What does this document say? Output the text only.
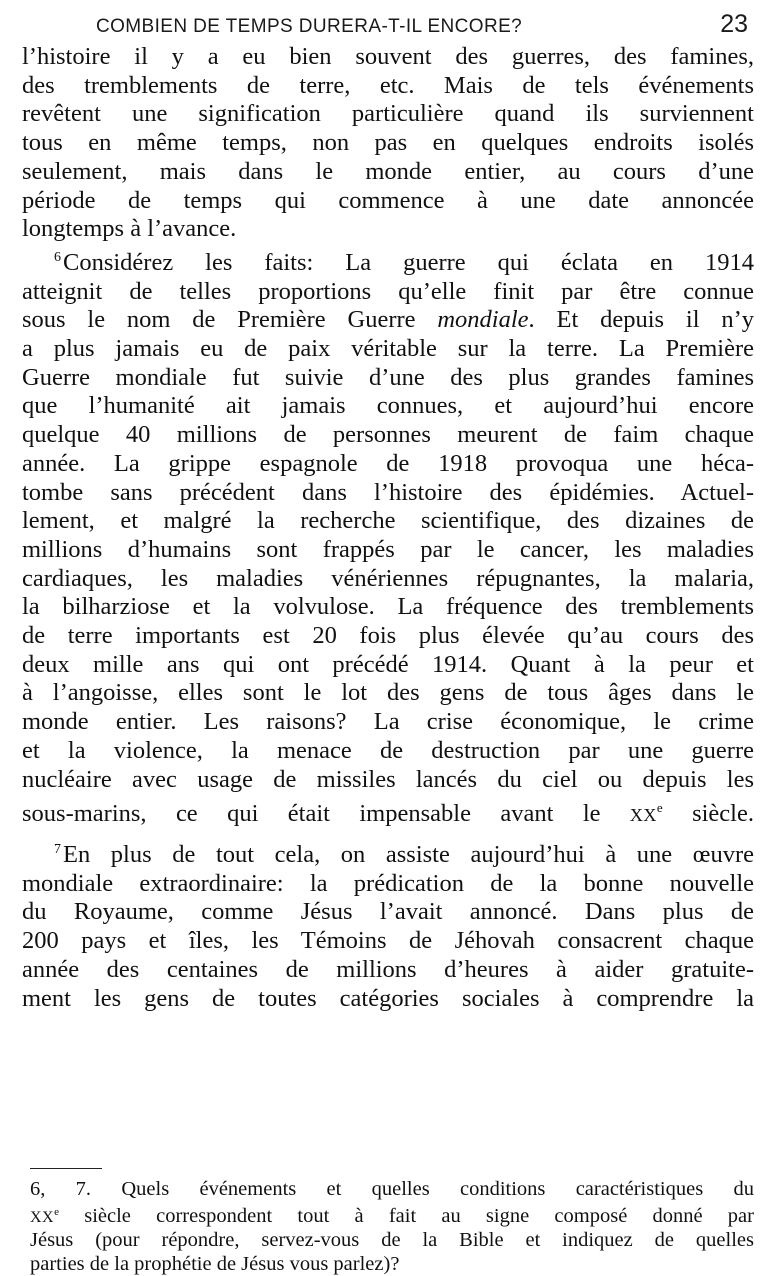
COMBIEN DE TEMPS DURERA-T-IL ENCORE?	23
l’histoire il y a eu bien souvent des guerres, des famines,
des tremblements de terre, etc. Mais de tels événements
revêtent une signification particulière quand ils surviennent
tous en même temps, non pas en quelques endroits isolés
seulement, mais dans le monde entier, au cours d’une
période de temps qui commence à une date annoncée
longtemps à l’avance.
$^6$Considérez les faits: La guerre qui éclata en 1914
atteignit de telles proportions qu’elle finit par être connue
sous le nom de Première Guerre mondiale. Et depuis il n’y
a plus jamais eu de paix véritable sur la terre. La Première
Guerre mondiale fut suivie d’une des plus grandes famines
que l’humanité ait jamais connues, et aujourd’hui encore
quelque 40 millions de personnes meurent de faim chaque
année. La grippe espagnole de 1918 provoqua une héca-
tombe sans précédent dans l’histoire des épidémies. Actuel-
lement, et malgré la recherche scientifique, des dizaines de
millions d’humains sont frappés par le cancer, les maladies
cardiaques, les maladies vénériennes répugnantes, la malaria,
la bilharziose et la volvulose. La fréquence des tremblements
de terre importants est 20 fois plus élevée qu’au cours des
deux mille ans qui ont précédé 1914. Quant à la peur et
à l’angoisse, elles sont le lot des gens de tous âges dans le
monde entier. Les raisons? La crise économique, le crime
et la violence, la menace de destruction par une guerre
nucléaire avec usage de missiles lancés du ciel ou depuis les
sous-marins, ce qui était impensable avant le XXe siècle.
$^7$En plus de tout cela, on assiste aujourd’hui à une œuvre
mondiale extraordinaire: la prédication de la bonne nouvelle
du Royaume, comme Jésus l’avait annoncé. Dans plus de
200 pays et îles, les Témoins de Jéhovah consacrent chaque
année des centaines de millions d’heures à aider gratuite-
ment les gens de toutes catégories sociales à comprendre la
6, 7. Quels événements et quelles conditions caractéristiques du
XXe siècle correspondent tout à fait au signe composé donné par
Jésus (pour répondre, servez-vous de la Bible et indiquez de quelles
parties de la prophétie de Jésus vous parlez)?
